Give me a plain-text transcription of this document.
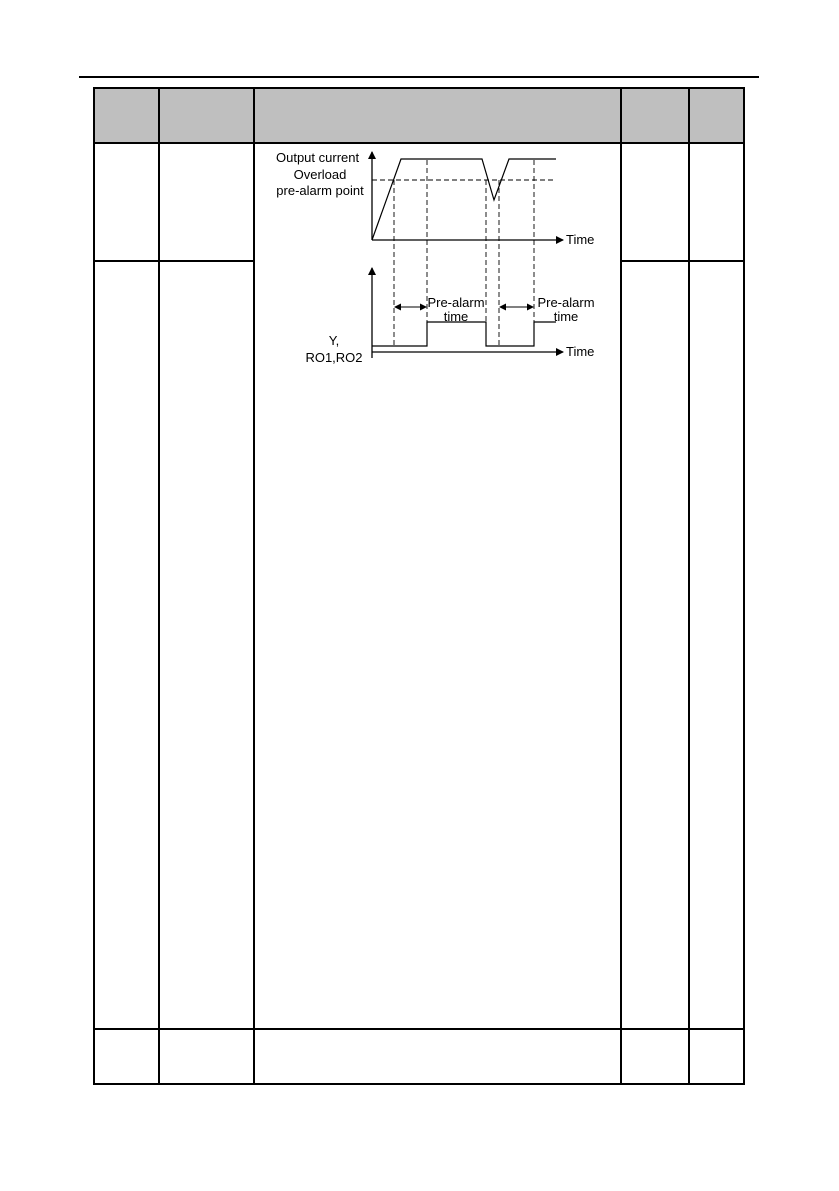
Output current
Overload
pre-alarm point
Time
Pre-alarm
time
Pre-alarm
time
Y,
RO1,RO2	Time
